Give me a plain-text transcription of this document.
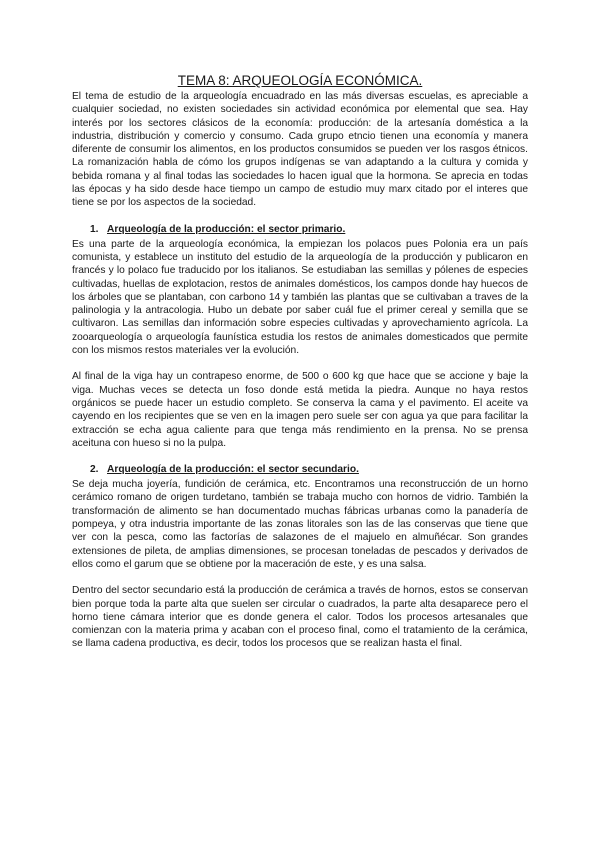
TEMA 8: ARQUEOLOGÍA ECONÓMICA.

El tema de estudio de la arqueología encuadrado en las más diversas escuelas, es apreciable a cualquier sociedad, no existen sociedades sin actividad económica por elemental que sea. Hay interés por los sectores clásicos de la economía: producción: de la artesanía doméstica a la industria, distribución y comercio y consumo. Cada grupo etncio tienen una economía y manera diferente de consumir los alimentos, en los productos consumidos se pueden ver los rasgos étnicos. La romanización habla de cómo los grupos indígenas se van adaptando a la cultura y comida y bebida romana y al final todas las sociedades lo hacen igual que la hormona. Se aprecia en todas las épocas y ha sido desde hace tiempo un campo de estudio muy marx citado por el interes que tiene se por los aspectos de la sociedad.

1. Arqueología de la producción: el sector primario.

Es una parte de la arqueología económica, la empiezan los polacos pues Polonia era un país comunista, y establece un instituto del estudio de la arqueología de la producción y publicaron en francés y lo polaco fue traducido por los italianos. Se estudiaban las semillas y pólenes de especies cultivadas, huellas de explotacion, restos de animales domésticos, los campos donde hay huecos de los árboles que se plantaban, con carbono 14 y también las plantas que se cultivaban a traves de la palinologia y la antracologia. Hubo un debate por saber cuál fue el primer cereal y semilla que se cultivaron. Las semillas dan información sobre especies cultivadas y aprovechamiento agrícola. La zooarqueología o arqueología faunística estudia los restos de animales domesticados que permite con los mismos restos materiales ver la evolución.

Al final de la viga hay un contrapeso enorme, de 500 o 600 kg que hace que se accione y baje la viga. Muchas veces se detecta un foso donde está metida la piedra. Aunque no haya restos orgánicos se puede hacer un estudio completo. Se conserva la cama y el pavimento. El aceite va cayendo en los recipientes que se ven en la imagen pero suele ser con agua ya que para facilitar la extracción se echa agua caliente para que tenga más rendimiento en la prensa. No se prensa aceituna con hueso si no la pulpa.

2. Arqueología de la producción: el sector secundario.

Se deja mucha joyería, fundición de cerámica, etc. Encontramos una reconstrucción de un horno cerámico romano de origen turdetano, también se trabaja mucho con hornos de vidrio. También la transformación de alimento se han documentado muchas fábricas urbanas como la panadería de pompeya, y otra industria importante de las zonas litorales son las de las conservas que tiene que ver con la pesca, como las factorías de salazones de el majuelo en almuñécar. Son grandes extensiones de pileta, de amplias dimensiones, se procesan toneladas de pescados y derivados de ellos como el garum que se obtiene por la maceración de este, y es una salsa.

Dentro del sector secundario está la producción de cerámica a través de hornos, estos se conservan bien porque toda la parte alta que suelen ser circular o cuadrados, la parte alta desaparece pero el horno tiene cámara interior que es donde genera el calor. Todos los procesos artesanales que comienzan con la materia prima y acaban con el proceso final, como el tratamiento de la cerámica, se llama cadena productiva, es decir, todos los procesos que se realizan hasta el final.
